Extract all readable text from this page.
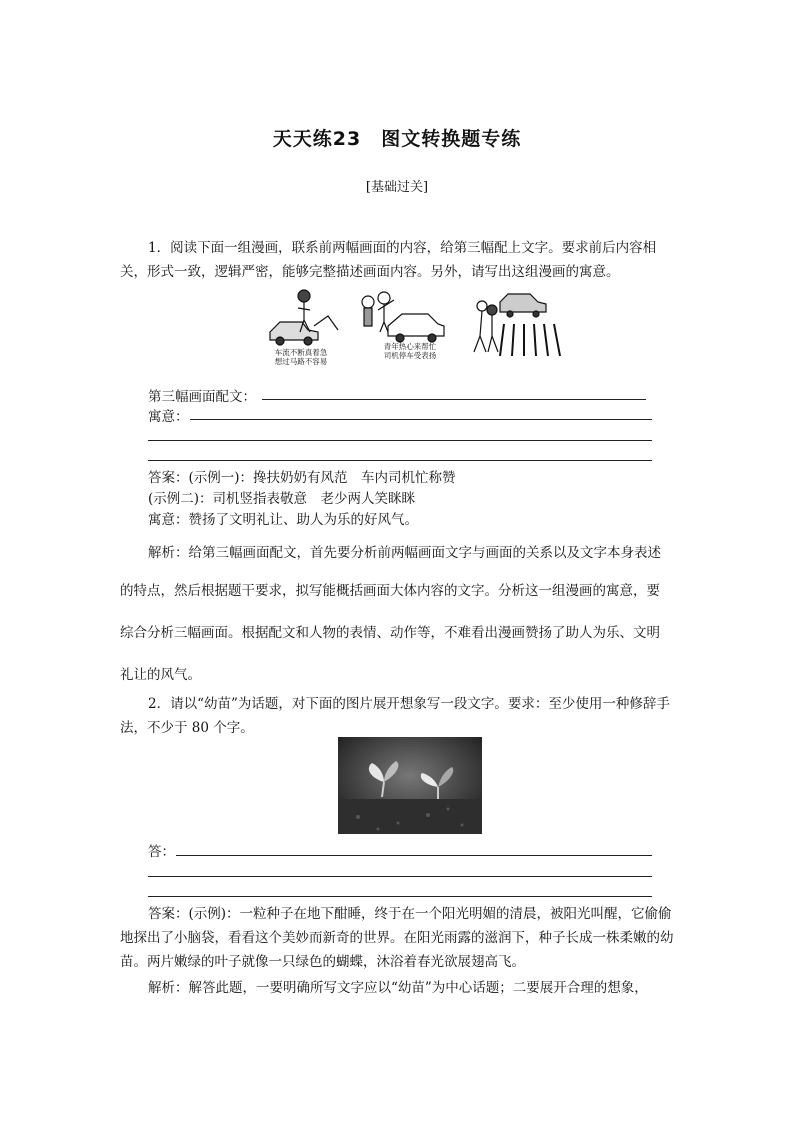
天天练23　图文转换题专练
[基础过关]
1．阅读下面一组漫画，联系前两幅画面的内容，给第三幅配上文字。要求前后内容相关，形式一致，逻辑严密，能够完整描述画面内容。另外，请写出这组漫画的寓意。
车流不断真着急
想过马路不容易
青年热心来帮忙
司机停车受表扬
第三幅画面配文：
寓意：
答案：(示例一)：搀扶奶奶有风范　车内司机忙称赞
(示例二)：司机竖指表敬意　老少两人笑眯眯
寓意：赞扬了文明礼让、助人为乐的好风气。
解析：给第三幅画面配文，首先要分析前两幅画面文字与画面的关系以及文字本身表述
的特点，然后根据题干要求，拟写能概括画面大体内容的文字。分析这一组漫画的寓意，要
综合分析三幅画面。根据配文和人物的表情、动作等，不难看出漫画赞扬了助人为乐、文明
礼让的风气。
2．请以“幼苗”为话题，对下面的图片展开想象写一段文字。要求：至少使用一种修辞手法，不少于 80 个字。
答：
答案：(示例)：一粒种子在地下酣睡，终于在一个阳光明媚的清晨，被阳光叫醒，它偷偷地探出了小脑袋，看看这个美妙而新奇的世界。在阳光雨露的滋润下，种子长成一株柔嫩的幼苗。两片嫩绿的叶子就像一只绿色的蝴蝶，沐浴着春光欲展翅高飞。
解析：解答此题，一要明确所写文字应以“幼苗”为中心话题；二要展开合理的想象，
